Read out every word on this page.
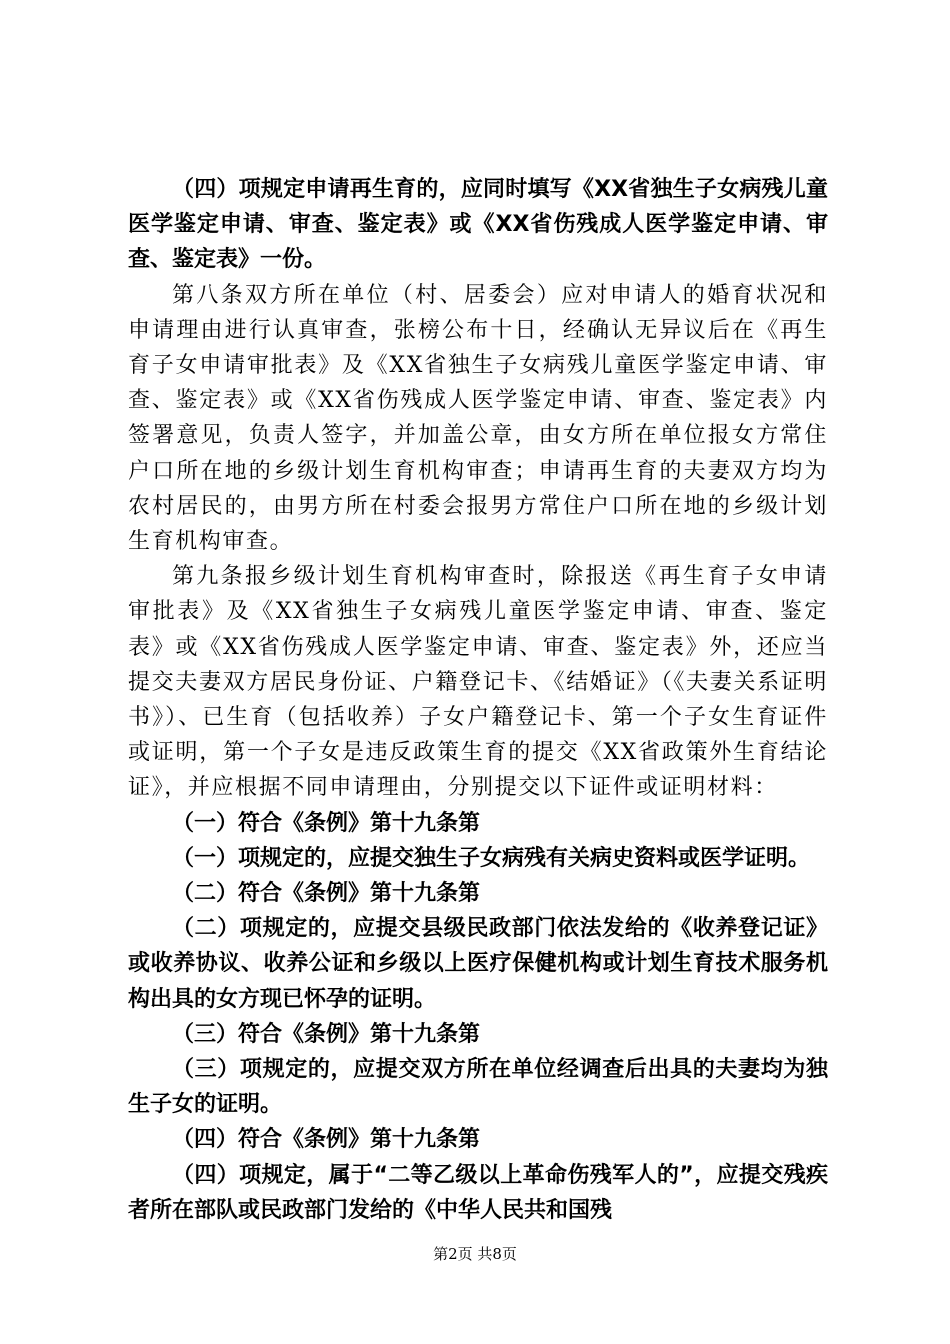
（四）项规定申请再生育的，应同时填写《XX省独生子女病残儿童医学鉴定申请、审查、鉴定表》或《XX省伤残成人医学鉴定申请、审查、鉴定表》一份。

第八条双方所在单位（村、居委会）应对申请人的婚育状况和申请理由进行认真审查，张榜公布十日，经确认无异议后在《再生育子女申请审批表》及《XX省独生子女病残儿童医学鉴定申请、审查、鉴定表》或《XX省伤残成人医学鉴定申请、审查、鉴定表》内签署意见，负责人签字，并加盖公章，由女方所在单位报女方常住户口所在地的乡级计划生育机构审查；申请再生育的夫妻双方均为农村居民的，由男方所在村委会报男方常住户口所在地的乡级计划生育机构审查。

第九条报乡级计划生育机构审查时，除报送《再生育子女申请审批表》及《XX省独生子女病残儿童医学鉴定申请、审查、鉴定表》或《XX省伤残成人医学鉴定申请、审查、鉴定表》外，还应当提交夫妻双方居民身份证、户籍登记卡、《结婚证》（《夫妻关系证明书》）、已生育（包括收养）子女户籍登记卡、第一个子女生育证件或证明，第一个子女是违反政策生育的提交《XX省政策外生育结论证》，并应根据不同申请理由，分别提交以下证件或证明材料：

（一）符合《条例》第十九条第

（一）项规定的，应提交独生子女病残有关病史资料或医学证明。

（二）符合《条例》第十九条第

（二）项规定的，应提交县级民政部门依法发给的《收养登记证》或收养协议、收养公证和乡级以上医疗保健机构或计划生育技术服务机构出具的女方现已怀孕的证明。

（三）符合《条例》第十九条第

（三）项规定的，应提交双方所在单位经调查后出具的夫妻均为独生子女的证明。

（四）符合《条例》第十九条第

（四）项规定，属于“二等乙级以上革命伤残军人的”，应提交残疾者所在部队或民政部门发给的《中华人民共和国残

第2页 共8页
